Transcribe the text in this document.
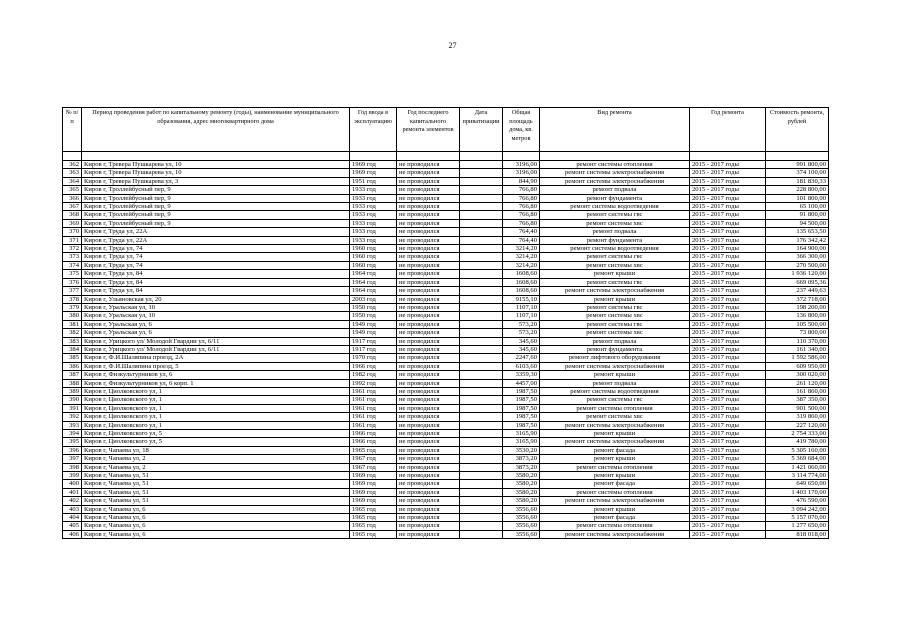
27
№ п/п	Период проведения работ по капитальному ремонту (годы), наименование муниципального образования, адрес многоквартирного дома	Год ввода в эксплуатацию	Год последнего капитального ремонта элементов	Дата приватизации	Общая площадь дома, кв. метров	Вид ремонта	Год ремонта	Стоимость ремонта, рублей

362	Киров г, Тревера Пушкарева ул, 10	1969 год	не проводился		3196,00	ремонт системы отопления	2015 - 2017 годы	991 800,00
363	Киров г, Тревера Пушкарева ул, 10	1969 год	не проводился		3196,00	ремонт системы электроснабжения	2015 - 2017 годы	374 100,00
364	Киров г, Тревера Пушкарева ул, 3	1951 год	не проводился		844,90	ремонт системы электроснабжения	2015 - 2017 годы	181 830,33
365	Киров г, Троллейбусный пер, 9	1933 год	не проводился		766,80	ремонт подвала	2015 - 2017 годы	228 800,00
366	Киров г, Троллейбусный пер, 9	1933 год	не проводился		766,80	ремонт фундамента	2015 - 2017 годы	101 800,00
367	Киров г, Троллейбусный пер, 9	1933 год	не проводился		766,80	ремонт системы водоотведения	2015 - 2017 годы	65 100,00
368	Киров г, Троллейбусный пер, 9	1933 год	не проводился		766,80	ремонт системы гвс	2015 - 2017 годы	91 800,00
369	Киров г, Троллейбусный пер, 9	1933 год	не проводился		766,80	ремонт системы хвс	2015 - 2017 годы	94 500,00
370	Киров г, Труда ул, 22А	1933 год	не проводился		764,40	ремонт подвала	2015 - 2017 годы	135 653,50
371	Киров г, Труда ул, 22А	1933 год	не проводился		764,40	ремонт фундамента	2015 - 2017 годы	176 342,42
372	Киров г, Труда ул, 74	1960 год	не проводился		3214,20	ремонт системы водоотведения	2015 - 2017 годы	164 900,00
373	Киров г, Труда ул, 74	1960 год	не проводился		3214,20	ремонт системы гвс	2015 - 2017 годы	366 300,00
374	Киров г, Труда ул, 74	1960 год	не проводился		3214,20	ремонт системы хвс	2015 - 2017 годы	270 500,00
375	Киров г, Труда ул, 84	1964 год	не проводился		1608,60	ремонт крыши	2015 - 2017 годы	1 936 120,00
376	Киров г, Труда ул, 84	1964 год	не проводился		1608,60	ремонт системы гвс	2015 - 2017 годы	669 095,36
377	Киров г, Труда ул, 84	1964 год	не проводился		1608,60	ремонт системы электроснабжения	2015 - 2017 годы	237 449,63
378	Киров г, Ульяновская ул, 20	2003 год	не проводился		9155,10	ремонт крыши	2015 - 2017 годы	372 718,00
379	Киров г, Уральская ул, 10	1950 год	не проводился		1107,10	ремонт системы гвс	2015 - 2017 годы	198 200,00
380	Киров г, Уральская ул, 10	1950 год	не проводился		1107,10	ремонт системы хвс	2015 - 2017 годы	136 800,00
381	Киров г, Уральская ул, 6	1949 год	не проводился		573,20	ремонт системы гвс	2015 - 2017 годы	105 500,00
382	Киров г, Уральская ул, 6	1949 год	не проводился		573,20	ремонт системы хвс	2015 - 2017 годы	73 800,00
383	Киров г, Урицкого ул/ Молодой Гвардии ул, 6/11	1917 год	не проводился		345,60	ремонт подвала	2015 - 2017 годы	110 370,00
384	Киров г, Урицкого ул/ Молодой Гвардии ул, 6/11	1917 год	не проводился		345,60	ремонт фундамента	2015 - 2017 годы	161 340,00
385	Киров г, Ф.И.Шаляпина проезд, 2А	1970 год	не проводился		2247,60	ремонт лифтового оборудования	2015 - 2017 годы	1 592 586,00
386	Киров г, Ф.И.Шаляпина проезд, 5	1966 год	не проводился		6103,60	ремонт системы электроснабжения	2015 - 2017 годы	609 950,00
387	Киров г, Физкультурников ул, 6	1982 год	не проводился		3359,30	ремонт крыши	2015 - 2017 годы	300 020,00
388	Киров г, Физкультурников ул, 6 корп. 1	1992 год	не проводился		4457,00	ремонт подвала	2015 - 2017 годы	261 120,00
389	Киров г, Циолковского ул, 1	1961 год	не проводился		1987,50	ремонт системы водоотведения	2015 - 2017 годы	161 860,00
390	Киров г, Циолковского ул, 1	1961 год	не проводился		1987,50	ремонт системы гвс	2015 - 2017 годы	387 350,00
391	Киров г, Циолковского ул, 1	1961 год	не проводился		1987,50	ремонт системы отопления	2015 - 2017 годы	901 500,00
392	Киров г, Циолковского ул, 1	1961 год	не проводился		1987,50	ремонт системы хвс	2015 - 2017 годы	319 860,00
393	Киров г, Циолковского ул, 1	1961 год	не проводился		1987,50	ремонт системы электроснабжения	2015 - 2017 годы	227 120,00
394	Киров г, Циолковского ул, 5	1966 год	не проводился		3165,90	ремонт крыши	2015 - 2017 годы	2 754 333,00
395	Киров г, Циолковского ул, 5	1966 год	не проводился		3165,90	ремонт системы электроснабжения	2015 - 2017 годы	419 780,00
396	Киров г, Чапаева ул, 18	1965 год	не проводился		3530,20	ремонт фасада	2015 - 2017 годы	5 305 160,00
397	Киров г, Чапаева ул, 2	1967 год	не проводился		3873,20	ремонт крыши	2015 - 2017 годы	5 369 684,00
398	Киров г, Чапаева ул, 2	1967 год	не проводился		3873,20	ремонт системы отопления	2015 - 2017 годы	1 421 060,00
399	Киров г, Чапаева ул, 51	1969 год	не проводился		3580,20	ремонт крыши	2015 - 2017 годы	3 114 774,00
400	Киров г, Чапаева ул, 51	1969 год	не проводился		3580,20	ремонт фасада	2015 - 2017 годы	649 650,00
401	Киров г, Чапаева ул, 51	1969 год	не проводился		3580,20	ремонт системы отопления	2015 - 2017 годы	1 403 170,00
402	Киров г, Чапаева ул, 51	1969 год	не проводился		3580,20	ремонт системы электроснабжения	2015 - 2017 годы	476 590,00
403	Киров г, Чапаева ул, 6	1965 год	не проводился		3556,60	ремонт крыши	2015 - 2017 годы	3 094 242,00
404	Киров г, Чапаева ул, 6	1965 год	не проводился		3556,60	ремонт фасада	2015 - 2017 годы	5 157 070,00
405	Киров г, Чапаева ул, 6	1965 год	не проводился		3556,60	ремонт системы отопления	2015 - 2017 годы	1 277 650,00
406	Киров г, Чапаева ул, 6	1965 год	не проводился		3556,60	ремонт системы электроснабжения	2015 - 2017 годы	818 018,00
